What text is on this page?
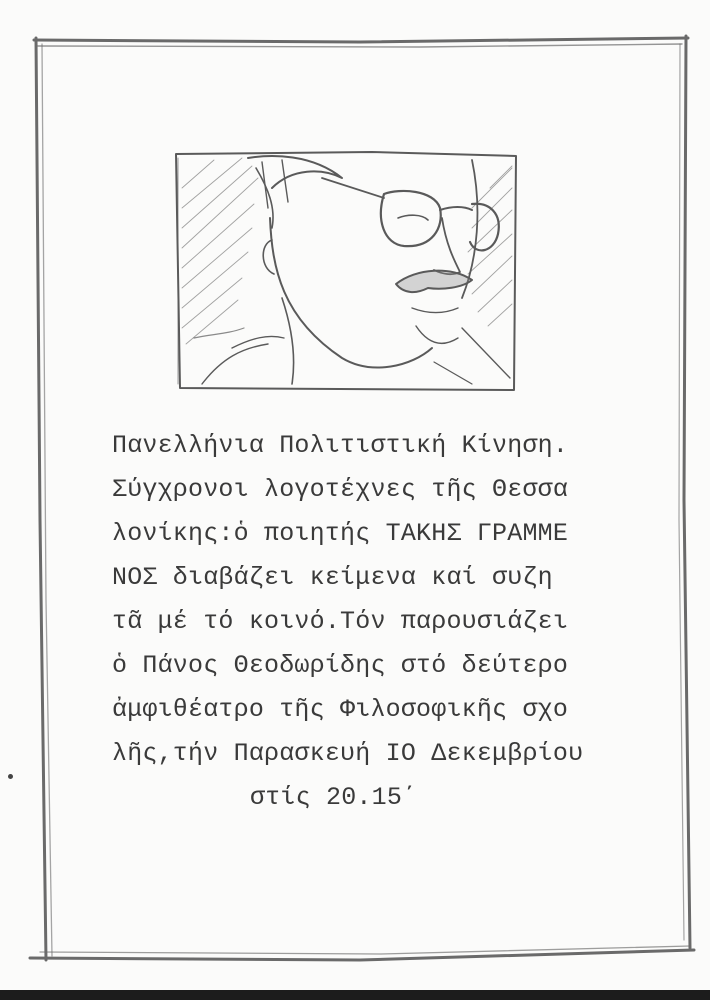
Πανελλήνια Πολιτιστική Κίνηση.
Σύγχρονοι λογοτέχνες τῆς Θεσσα
λονίκης:ὁ ποιητής ΤΑΚΗΣ ΓΡΑΜΜΕ
ΝΟΣ διαβάζει κείμενα καί συζη
τᾶ μέ τό κοινό.Τόν παρουσιάζει
ὁ Πάνος Θεοδωρίδης στό δεύτερο
ἀμφιθέατρο τῆς Φιλοσοφικῆς σχο
λῆς,τήν Παρασκευή ΙΟ Δεκεμβρίου
στίς 20.15΄
